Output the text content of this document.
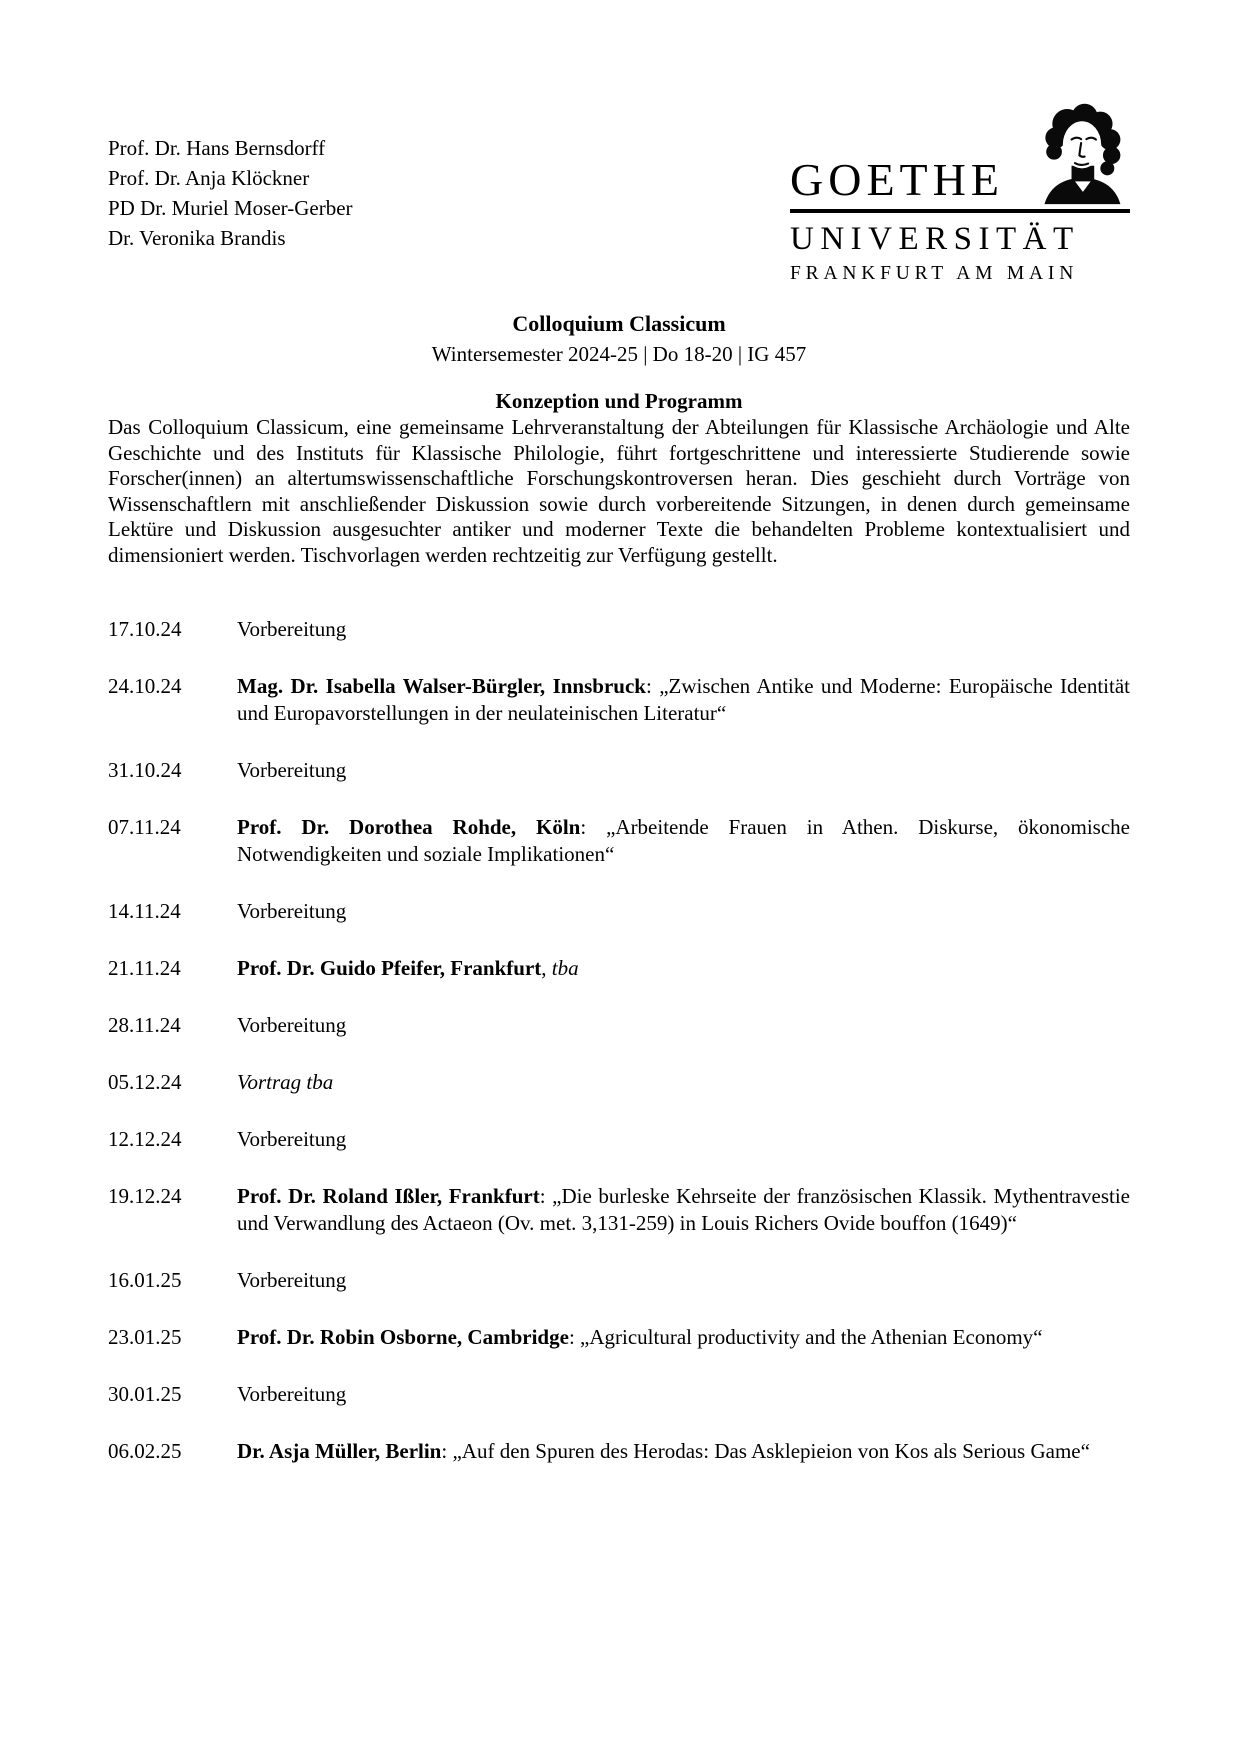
Prof. Dr. Hans Bernsdorff
Prof. Dr. Anja Klöckner
PD Dr. Muriel Moser-Gerber
Dr. Veronika Brandis
GOETHE
UNIVERSITÄT
FRANKFURT AM MAIN
Colloquium Classicum
Wintersemester 2024-25 | Do 18-20 | IG 457
Konzeption und Programm

Das Colloquium Classicum, eine gemeinsame Lehrveranstaltung der Abteilungen für Klassische Archäologie und Alte Geschichte und des Instituts für Klassische Philologie, führt fortgeschrittene und interessierte Studierende sowie Forscher(innen) an altertumswissenschaftliche Forschungskontroversen heran. Dies geschieht durch Vorträge von Wissenschaftlern mit anschließender Diskussion sowie durch vorbereitende Sitzungen, in denen durch gemeinsame Lektüre und Diskussion ausgesuchter antiker und moderner Texte die behandelten Probleme kontextualisiert und dimensioniert werden. Tischvorlagen werden rechtzeitig zur Verfügung gestellt.

17.10.24	Vorbereitung
24.10.24	Mag. Dr. Isabella Walser-Bürgler, Innsbruck: „Zwischen Antike und Moderne: Europäische Identität und Europavorstellungen in der neulateinischen Literatur“
31.10.24	Vorbereitung
07.11.24	Prof. Dr. Dorothea Rohde, Köln: „Arbeitende Frauen in Athen. Diskurse, ökonomische Notwendigkeiten und soziale Implikationen“
14.11.24	Vorbereitung
21.11.24	Prof. Dr. Guido Pfeifer, Frankfurt, tba
28.11.24	Vorbereitung
05.12.24	Vortrag tba
12.12.24	Vorbereitung
19.12.24	Prof. Dr. Roland Ißler, Frankfurt: „Die burleske Kehrseite der französischen Klassik. Mythentravestie und Verwandlung des Actaeon (Ov. met. 3,131-259) in Louis Richers Ovide bouffon (1649)“
16.01.25	Vorbereitung
23.01.25	Prof. Dr. Robin Osborne, Cambridge: „Agricultural productivity and the Athenian Economy“
30.01.25	Vorbereitung
06.02.25	Dr. Asja Müller, Berlin: „Auf den Spuren des Herodas: Das Asklepieion von Kos als Serious Game“
